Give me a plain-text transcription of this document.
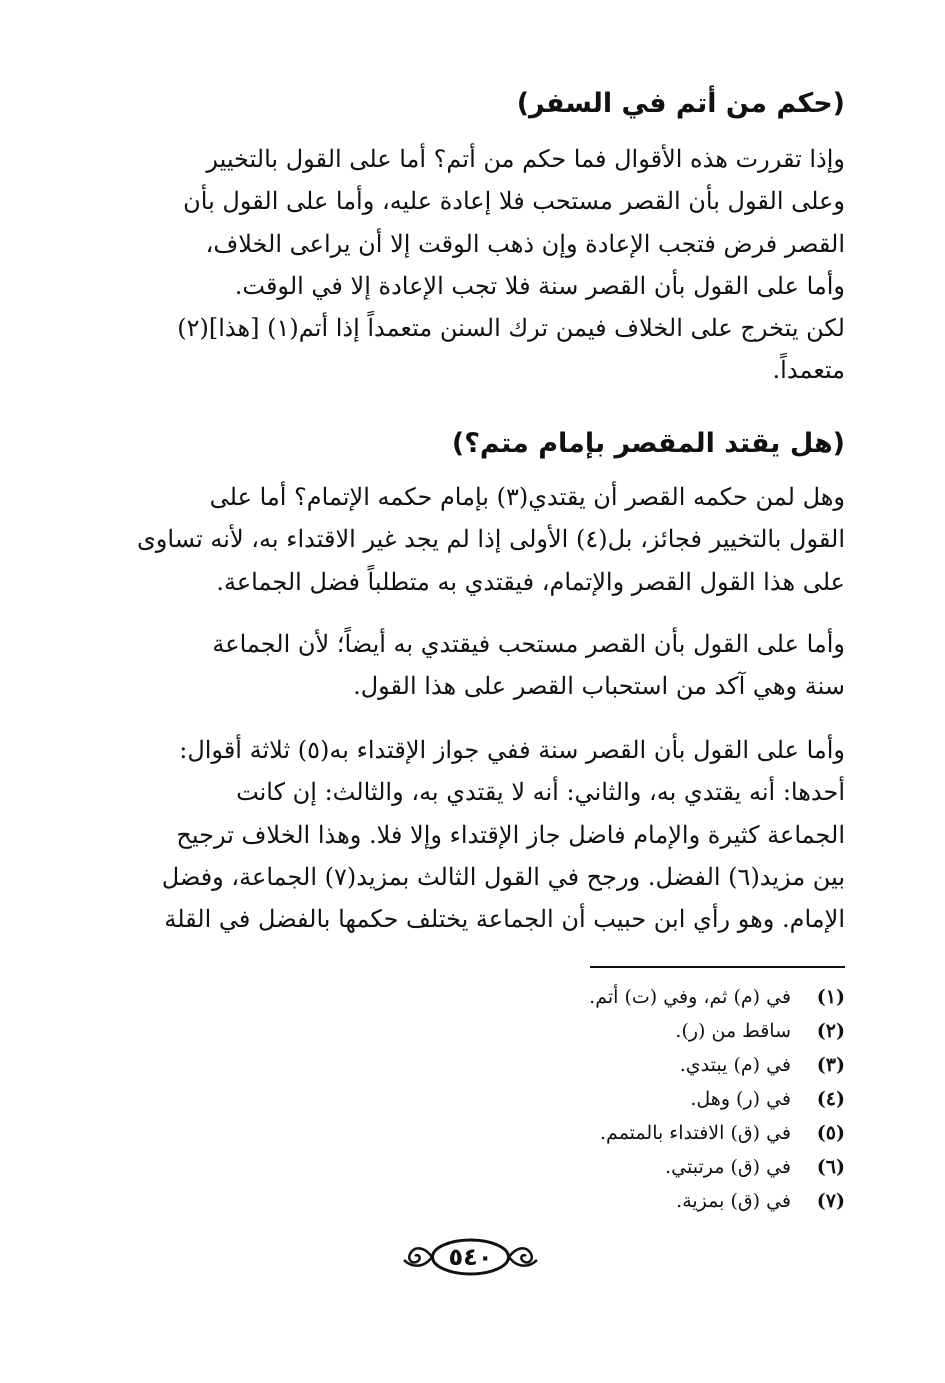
(حكم من أتم في السفر)

وإذا تقررت هذه الأقوال فما حكم من أتم؟ أما على القول بالتخيير
وعلى القول بأن القصر مستحب فلا إعادة عليه، وأما على القول بأن
القصر فرض فتجب الإعادة وإن ذهب الوقت إلا أن يراعى الخلاف،
وأما على القول بأن القصر سنة فلا تجب الإعادة إلا في الوقت.
لكن يتخرج على الخلاف فيمن ترك السنن متعمداً إذا أتم(١) [هذا](٢)
متعمداً.

(هل يقتد المقصر بإمام متم؟)

وهل لمن حكمه القصر أن يقتدي(٣) بإمام حكمه الإتمام؟ أما على
القول بالتخيير فجائز، بل(٤) الأولى إذا لم يجد غير الاقتداء به، لأنه تساوى
على هذا القول القصر والإتمام، فيقتدي به متطلباً فضل الجماعة.

وأما على القول بأن القصر مستحب فيقتدي به أيضاً؛ لأن الجماعة
سنة وهي آكد من استحباب القصر على هذا القول.

وأما على القول بأن القصر سنة ففي جواز الإقتداء به(٥) ثلاثة أقوال:
أحدها: أنه يقتدي به، والثاني: أنه لا يقتدي به، والثالث: إن كانت
الجماعة كثيرة والإمام فاضل جاز الإقتداء وإلا فلا. وهذا الخلاف ترجيح
بين مزيد(٦) الفضل. ورجح في القول الثالث بمزيد(٧) الجماعة، وفضل
الإمام. وهو رأي ابن حبيب أن الجماعة يختلف حكمها بالفضل في القلة

(١)
في (م) ثم، وفي (ت) أتم.
(٢)
ساقط من (ر).
(٣)
في (م) يبتدي.
(٤)
في (ر) وهل.
(٥)
في (ق) الافتداء بالمتمم.
(٦)
في (ق) مرتبتي.
(٧)
في (ق) بمزية.
٥٤٠
